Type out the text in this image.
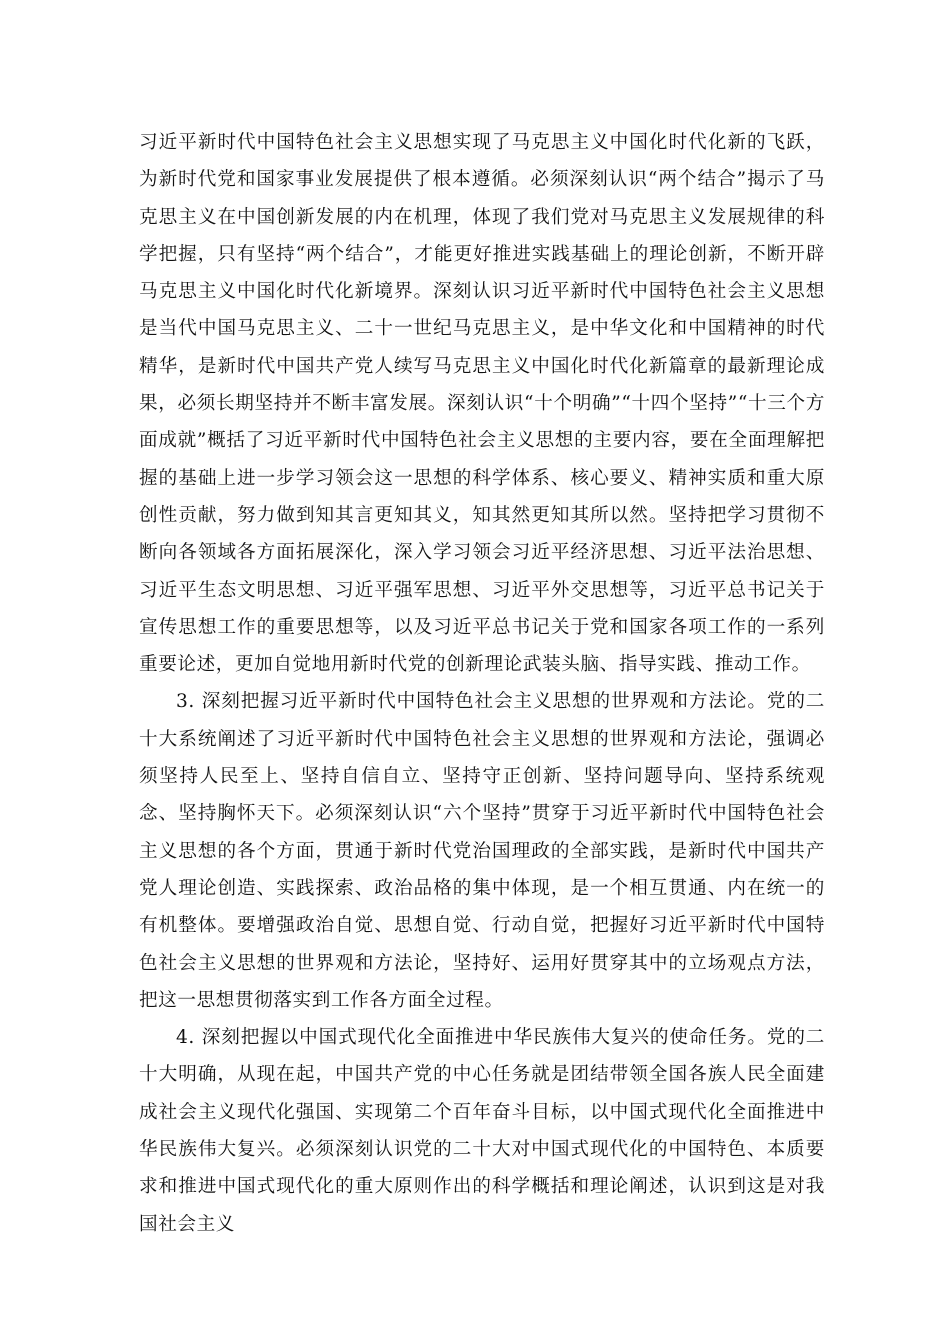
习近平新时代中国特色社会主义思想实现了马克思主义中国化时代化新的飞跃，为新时代党和国家事业发展提供了根本遵循。必须深刻认识“两个结合”揭示了马克思主义在中国创新发展的内在机理，体现了我们党对马克思主义发展规律的科学把握，只有坚持“两个结合”，才能更好推进实践基础上的理论创新，不断开辟马克思主义中国化时代化新境界。深刻认识习近平新时代中国特色社会主义思想是当代中国马克思主义、二十一世纪马克思主义，是中华文化和中国精神的时代精华，是新时代中国共产党人续写马克思主义中国化时代化新篇章的最新理论成果，必须长期坚持并不断丰富发展。深刻认识“十个明确”“十四个坚持”“十三个方面成就”概括了习近平新时代中国特色社会主义思想的主要内容，要在全面理解把握的基础上进一步学习领会这一思想的科学体系、核心要义、精神实质和重大原创性贡献，努力做到知其言更知其义，知其然更知其所以然。坚持把学习贯彻不断向各领域各方面拓展深化，深入学习领会习近平经济思想、习近平法治思想、习近平生态文明思想、习近平强军思想、习近平外交思想等，习近平总书记关于宣传思想工作的重要思想等，以及习近平总书记关于党和国家各项工作的一系列重要论述，更加自觉地用新时代党的创新理论武装头脑、指导实践、推动工作。

3. 深刻把握习近平新时代中国特色社会主义思想的世界观和方法论。党的二十大系统阐述了习近平新时代中国特色社会主义思想的世界观和方法论，强调必须坚持人民至上、坚持自信自立、坚持守正创新、坚持问题导向、坚持系统观念、坚持胸怀天下。必须深刻认识“六个坚持”贯穿于习近平新时代中国特色社会主义思想的各个方面，贯通于新时代党治国理政的全部实践，是新时代中国共产党人理论创造、实践探索、政治品格的集中体现，是一个相互贯通、内在统一的有机整体。要增强政治自觉、思想自觉、行动自觉，把握好习近平新时代中国特色社会主义思想的世界观和方法论，坚持好、运用好贯穿其中的立场观点方法，把这一思想贯彻落实到工作各方面全过程。

4. 深刻把握以中国式现代化全面推进中华民族伟大复兴的使命任务。党的二十大明确，从现在起，中国共产党的中心任务就是团结带领全国各族人民全面建成社会主义现代化强国、实现第二个百年奋斗目标，以中国式现代化全面推进中华民族伟大复兴。必须深刻认识党的二十大对中国式现代化的中国特色、本质要求和推进中国式现代化的重大原则作出的科学概括和理论阐述，认识到这是对我国社会主义
